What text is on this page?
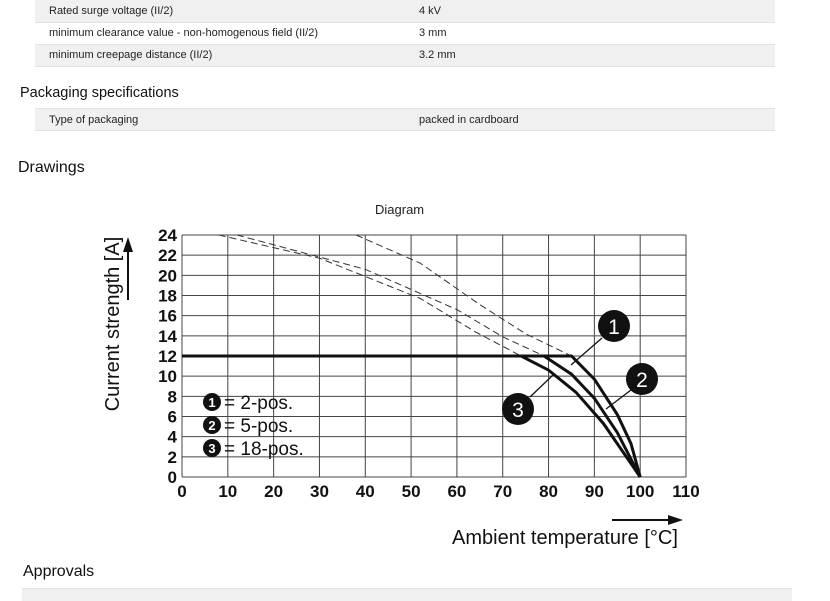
Rated surge voltage (II/2)	4 kV
minimum clearance value - non-homogenous field (II/2)	3 mm
minimum creepage distance (II/2)	3.2 mm
Packaging specifications
Type of packaging	packed in cardboard
Drawings
Diagram
0 10 20 30 40 50 60 70 80 90 100 110
0
2
4
6
8
10
12
14
16
18
20
22
24
Current strength [A]
Ambient temperature [°C]
1 = 2-pos.
2 = 5-pos.
3 = 18-pos.
1
2
3
Approvals
